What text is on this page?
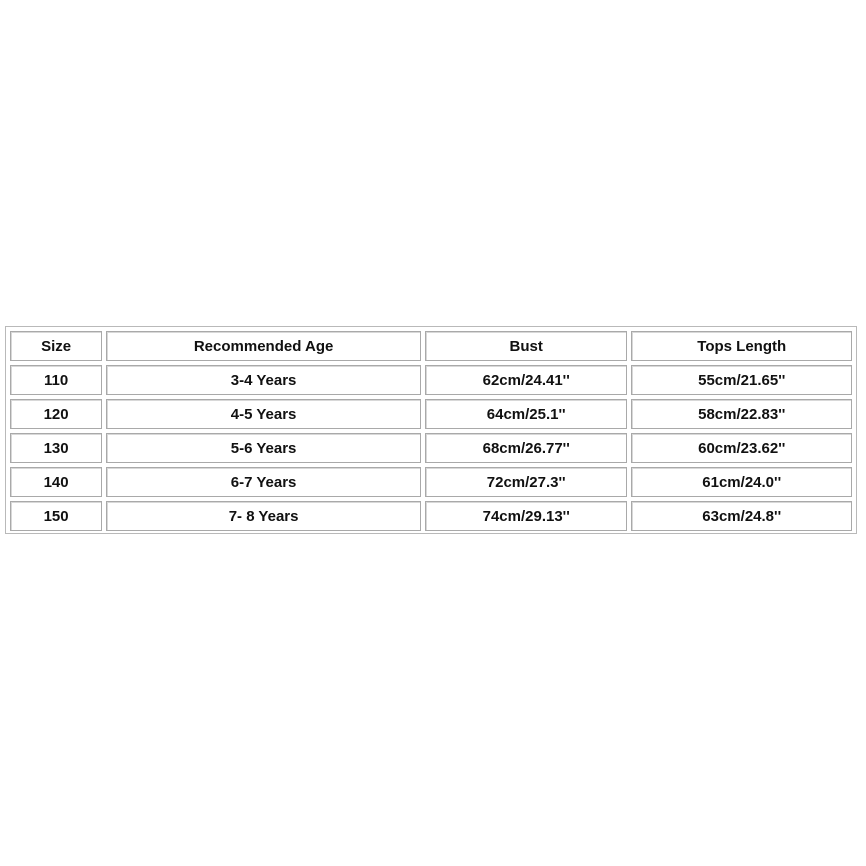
Size	Recommended Age	Bust	Tops Length
110	3-4 Years	62cm/24.41''	55cm/21.65''
120	4-5 Years	64cm/25.1''	58cm/22.83''
130	5-6 Years	68cm/26.77''	60cm/23.62''
140	6-7 Years	72cm/27.3''	61cm/24.0''
150	7- 8 Years	74cm/29.13''	63cm/24.8''
